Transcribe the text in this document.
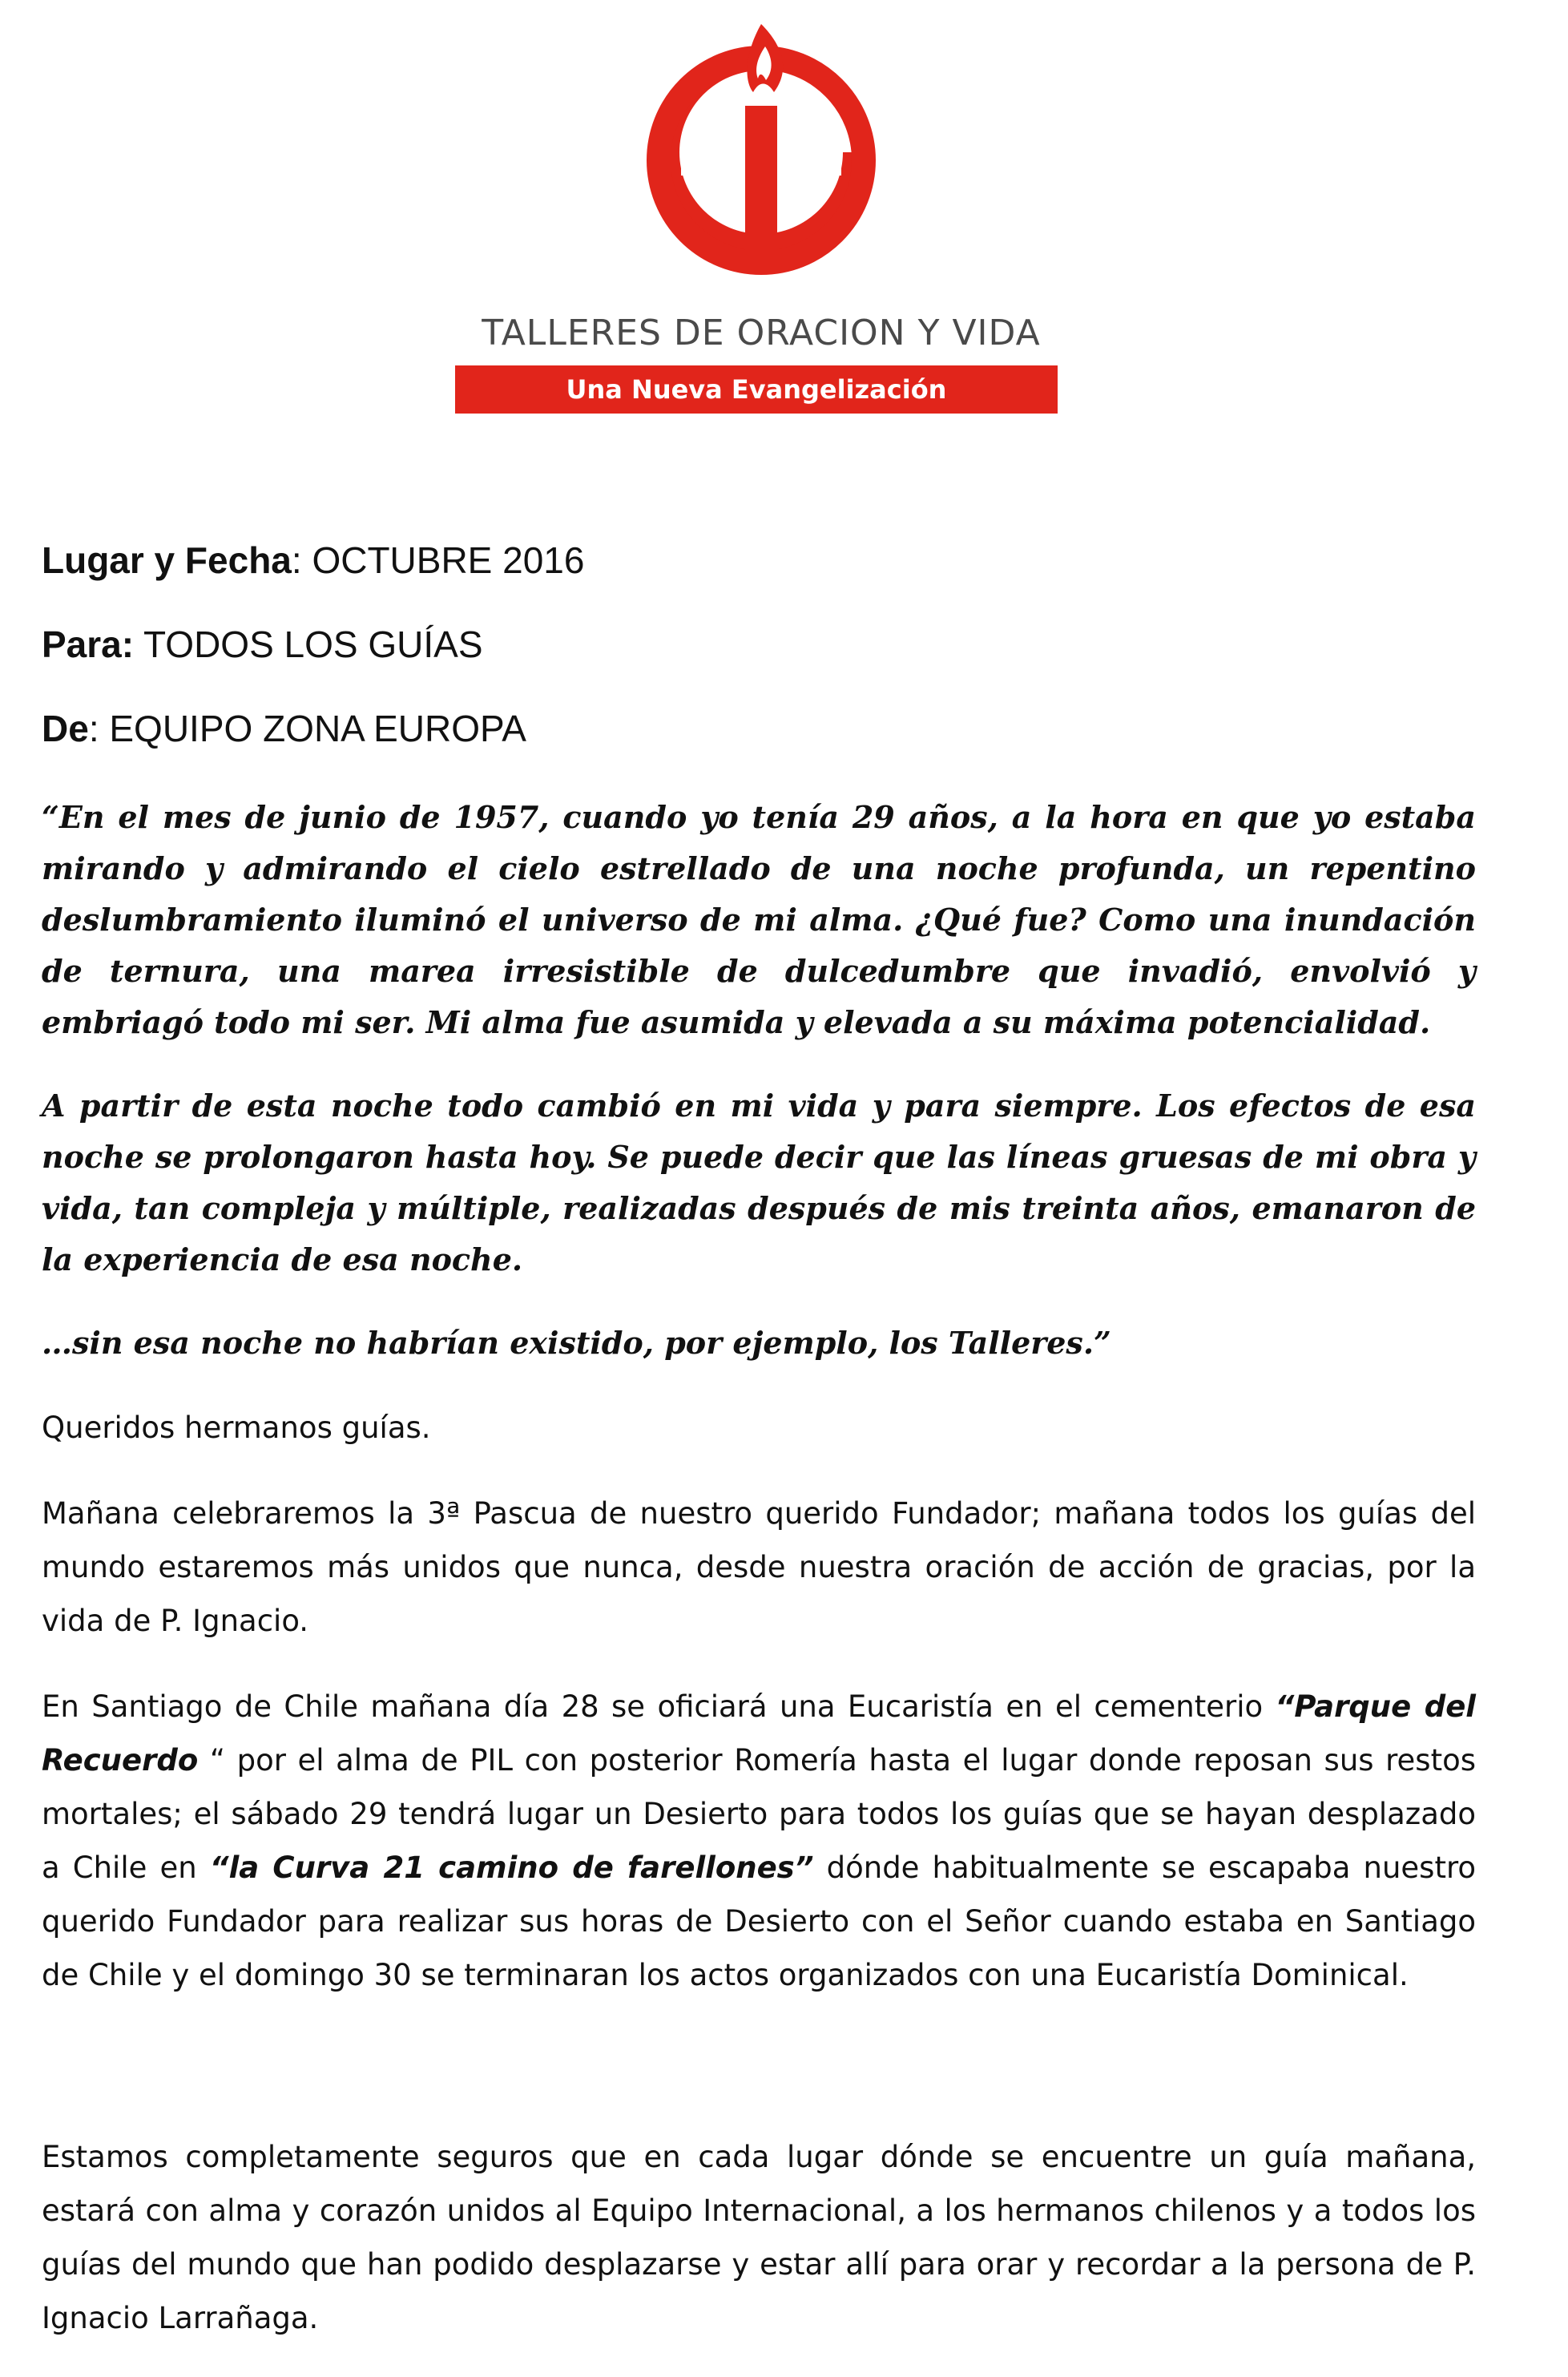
TALLERES DE ORACION Y VIDA
Una Nueva Evangelización

Lugar y Fecha: OCTUBRE 2016

Para: TODOS LOS GUÍAS

De: EQUIPO ZONA EUROPA

“En el mes de junio de 1957, cuando yo tenía 29 años, a la hora en que yo estaba mirando y admirando el cielo estrellado de una noche profunda, un repentino deslumbramiento iluminó el universo de mi alma. ¿Qué fue? Como una inundación de ternura, una marea irresistible de dulcedumbre que invadió, envolvió y embriagó todo mi ser. Mi alma fue asumida y elevada a su máxima potencialidad.

A partir de esta noche todo cambió en mi vida y para siempre. Los efectos de esa noche se prolongaron hasta hoy. Se puede decir que las líneas gruesas de mi obra y vida, tan compleja y múltiple, realizadas después de mis treinta años, emanaron de la experiencia de esa noche.

…sin esa noche no habrían existido, por ejemplo, los Talleres.”

Queridos hermanos guías.

Mañana celebraremos la 3ª Pascua de nuestro querido Fundador; mañana todos los guías del mundo estaremos más unidos que nunca, desde nuestra oración de acción de gracias, por la vida de P. Ignacio.

En Santiago de Chile mañana día 28 se oficiará una Eucaristía en el cementerio “Parque del Recuerdo “ por el alma de PIL con posterior Romería hasta el lugar donde reposan sus restos mortales; el sábado 29 tendrá lugar un Desierto para todos los guías que se hayan desplazado a Chile en “la Curva 21 camino de farellones” dónde habitualmente se escapaba nuestro querido Fundador para realizar sus horas de Desierto con el Señor cuando estaba en Santiago de Chile y el domingo 30 se terminaran los actos organizados con una Eucaristía Dominical.

Estamos completamente seguros que en cada lugar dónde se encuentre un guía mañana, estará con alma y corazón unidos al Equipo Internacional, a los hermanos chilenos y a todos los guías del mundo que han podido desplazarse y estar allí para orar y recordar a la persona de P. Ignacio Larrañaga.
